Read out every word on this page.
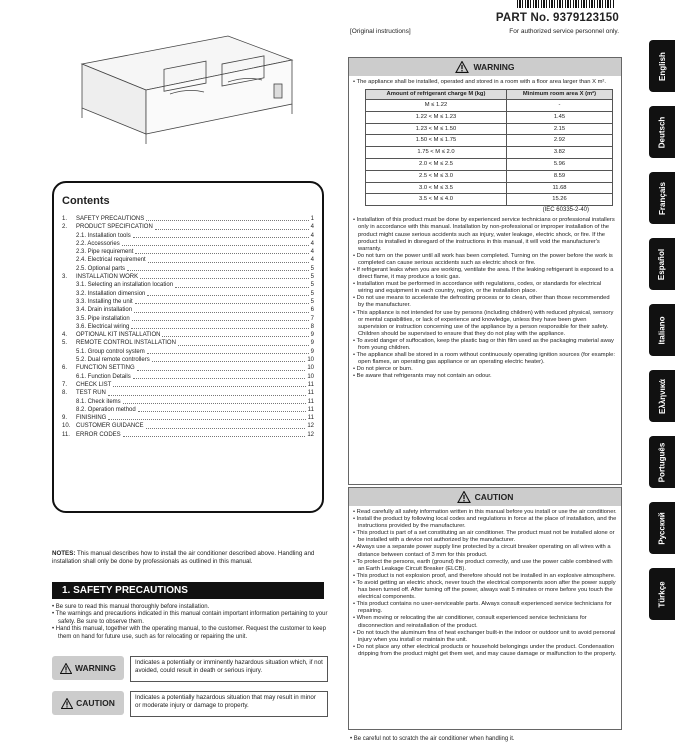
PART No. 9379123150
[Original instructions]	For authorized service personnel only.
Contents
1.	SAFETY PRECAUTIONS	1
2.	PRODUCT SPECIFICATION	4
2.1. Installation tools	4
2.2. Accessories	4
2.3. Pipe requirement	4
2.4. Electrical requirement	4
2.5. Optional parts	5
3.	INSTALLATION WORK	5
3.1. Selecting an installation location	5
3.2. Installation dimension	5
3.3. Installing the unit	5
3.4. Drain installation	6
3.5. Pipe installation	7
3.6. Electrical wiring	8
4.	OPTIONAL KIT INSTALLATION	9
5.	REMOTE CONTROL INSTALLATION	9
5.1. Group control system	9
5.2. Dual remote controllers	10
6.	FUNCTION SETTING	10
6.1. Function Details	10
7.	CHECK LIST	11
8.	TEST RUN	11
8.1. Check items	11
8.2. Operation method	11
9.	FINISHING	11
10. CUSTOMER GUIDANCE	12
11.	ERROR CODES	12
NOTES: This manual describes how to install the air conditioner described above. Handling and installation shall only be done by professionals as outlined in this manual.
1. SAFETY PRECAUTIONS

• Be sure to read this manual thoroughly before installation.

• The warnings and precautions indicated in this manual contain important information pertaining to your safety. Be sure to observe them.

• Hand this manual, together with the operating manual, to the customer. Request the customer to keep them on hand for future use, such as for relocating or repairing the unit.

WARNING
Indicates a potentially or imminently hazardous situation which, if not avoided, could result in death or serious injury.
CAUTION
Indicates a potentially hazardous situation that may result in minor or moderate injury or damage to property.
WARNING

• The appliance shall be installed, operated and stored in a room with a floor area larger than X m².

Amount of refrigerant charge M (kg)	Minimum room area X (m²)
M ≤ 1.22	-
1.22 < M ≤ 1.23	1.45
1.23 < M ≤ 1.50	2.15
1.50 < M ≤ 1.75	2.92
1.75 < M ≤ 2.0	3.82
2.0 < M ≤ 2.5	5.96
2.5 < M ≤ 3.0	8.59
3.0 < M ≤ 3.5	11.68
3.5 < M ≤ 4.0	15.26
(IEC 60335-2-40)

• Installation of this product must be done by experienced service technicians or professional installers only in accordance with this manual. Installation by non-professional or improper installation of the product might cause serious accidents such as injury, water leakage, electric shock, or fire. If the product is installed in disregard of the instructions in this manual, it will void the manufacturer's warranty.

• Do not turn on the power until all work has been completed. Turning on the power before the work is completed can cause serious accidents such as electric shock or fire.

• If refrigerant leaks when you are working, ventilate the area. If the leaking refrigerant is exposed to a direct flame, it may produce a toxic gas.

• Installation must be performed in accordance with regulations, codes, or standards for electrical wiring and equipment in each country, region, or the installation place.

• Do not use means to accelerate the defrosting process or to clean, other than those recommended by the manufacturer.

• This appliance is not intended for use by persons (including children) with reduced physical, sensory or mental capabilities, or lack of experience and knowledge, unless they have been given supervision or instruction concerning use of the appliance by a person responsible for their safety. Children should be supervised to ensure that they do not play with the appliance.

• To avoid danger of suffocation, keep the plastic bag or thin film used as the packaging material away from young children.

• The appliance shall be stored in a room without continuously operating ignition sources (for example: open flames, an operating gas appliance or an operating electric heater).

• Do not pierce or burn.

• Be aware that refrigerants may not contain an odour.

CAUTION

• Read carefully all safety information written in this manual before you install or use the air conditioner.

• Install the product by following local codes and regulations in force at the place of installation, and the instructions provided by the manufacturer.

• This product is part of a set constituting an air conditioner. The product must not be installed alone or be installed with a device not authorized by the manufacturer.

• Always use a separate power supply line protected by a circuit breaker operating on all wires with a distance between contact of 3 mm for this product.

• To protect the persons, earth (ground) the product correctly, and use the power cable combined with an Earth Leakage Circuit Breaker (ELCB).

• This product is not explosion proof, and therefore should not be installed in an explosive atmosphere.

• To avoid getting an electric shock, never touch the electrical components soon after the power supply has been turned off. After turning off the power, always wait 5 minutes or more before you touch the electrical components.

• This product contains no user-serviceable parts. Always consult experienced service technicians for repairing.

• When moving or relocating the air conditioner, consult experienced service technicians for disconnection and reinstallation of the product.

• Do not touch the aluminum fins of heat exchanger built-in the indoor or outdoor unit to avoid personal injury when you install or maintain the unit.

• Do not place any other electrical products or household belongings under the product. Condensation dripping from the product might get them wet, and may cause damage or malfunction to the property.

• Be careful not to scratch the air conditioner when handling it.
English
Deutsch
Français
Español
Italiano
Ελληνικά
Português
Русский
Türkçe
